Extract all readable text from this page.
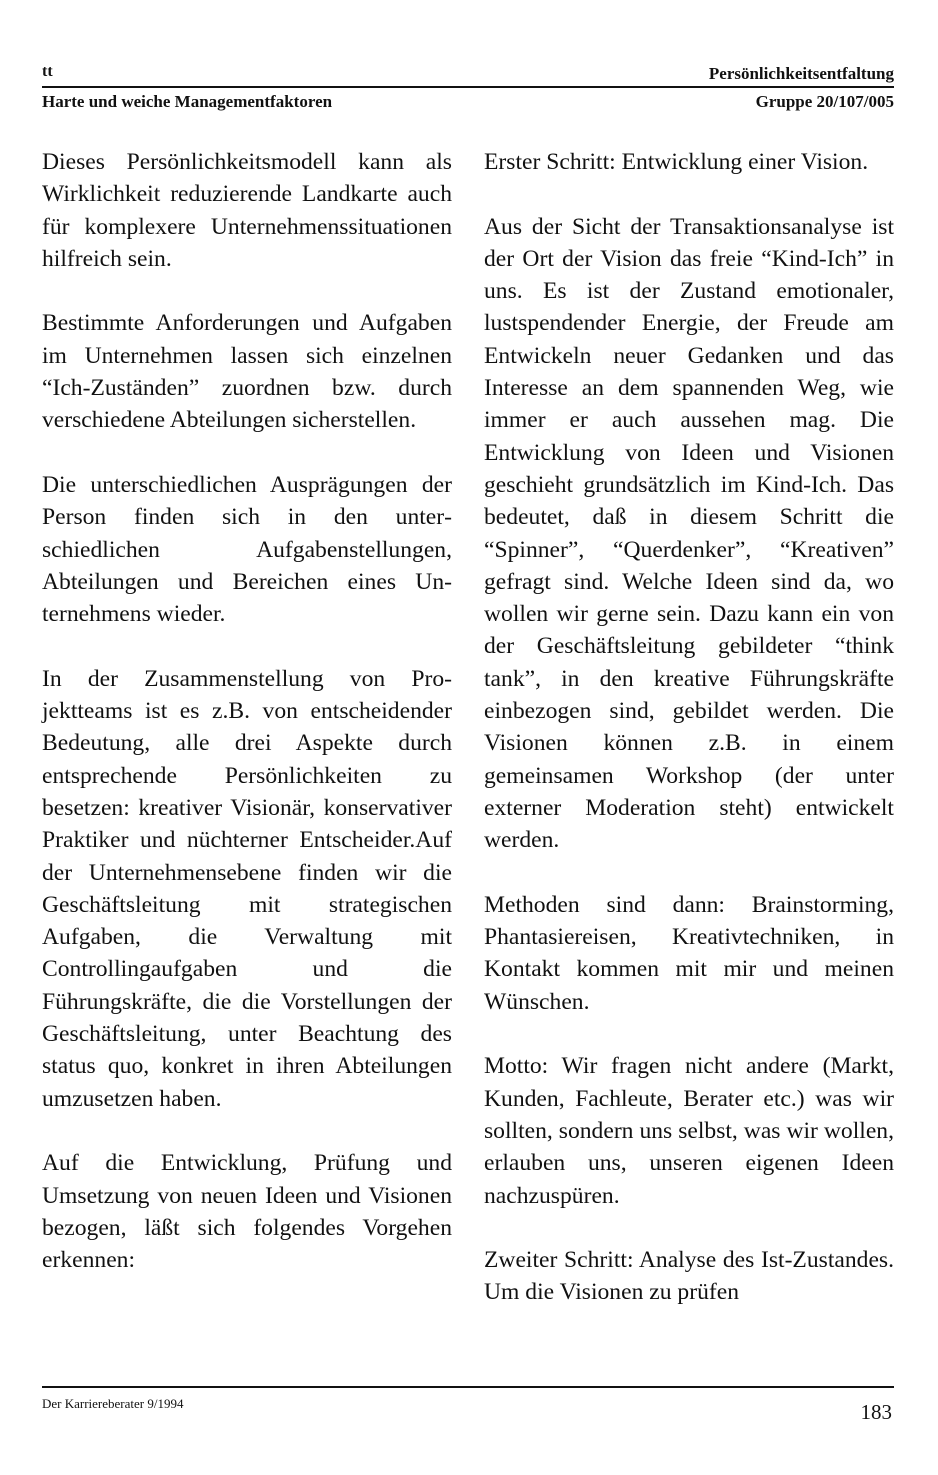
tt	Persönlichkeitsentfaltung
Harte und weiche Managementfaktoren	Gruppe 20/107/005

Dieses Persönlichkeitsmodell kann als Wirklichkeit reduzierende Landkarte auch für komplexere Unternehmenssituationen hilfreich sein.

Bestimmte Anforderungen und Aufgaben im Unternehmen lassen sich einzelnen “Ich-Zuständen” zuordnen bzw. durch verschiedene Abteilungen sicherstellen.

Die unterschiedlichen Ausprägungen der Person finden sich in den unterschiedlichen Aufgabenstellungen, Abteilungen und Bereichen eines Unternehmens wieder.

In der Zusammenstellung von Projektteams ist es z.B. von entscheidender Bedeutung, alle drei Aspekte durch entsprechende Persönlichkeiten zu besetzen: kreativer Visionär, konservativer Praktiker und nüchterner Entscheider.Auf der Unternehmensebene finden wir die Geschäftsleitung mit strategischen Aufgaben, die Verwaltung mit Controllingaufgaben und die Führungskräfte, die die Vorstellungen der Geschäftsleitung, unter Beachtung des status quo, konkret in ihren Abteilungen umzusetzen haben.

Auf die Entwicklung, Prüfung und Umsetzung von neuen Ideen und Visionen bezogen, läßt sich folgendes Vorgehen erkennen:

Erster Schritt: Entwicklung einer Vision.

Aus der Sicht der Transaktionsanalyse ist der Ort der Vision das freie “Kind-Ich” in uns. Es ist der Zustand emotionaler, lustspendender Energie, der Freude am Entwickeln neuer Gedanken und das Interesse an dem spannenden Weg, wie immer er auch aussehen mag. Die Entwicklung von Ideen und Visionen geschieht grundsätzlich im Kind-Ich. Das bedeutet, daß in diesem Schritt die “Spinner”, “Querdenker”, “Kreativen” gefragt sind. Welche Ideen sind da, wo wollen wir gerne sein. Dazu kann ein von der Geschäftsleitung gebildeter “think tank”, in den kreative Führungskräfte einbezogen sind, gebildet werden. Die Visionen können z.B. in einem gemeinsamen Workshop (der unter externer Moderation steht) entwickelt werden.

Methoden sind dann: Brainstorming, Phantasiereisen, Kreativtechniken, in Kontakt kommen mit mir und meinen Wünschen.

Motto: Wir fragen nicht andere (Markt, Kunden, Fachleute, Berater etc.) was wir sollten, sondern uns selbst, was wir wollen, erlauben uns, unseren eigenen Ideen nachzuspüren.

Zweiter Schritt: Analyse des Ist-Zustandes. Um die Visionen zu prüfen

Der Karriereberater 9/1994	183
